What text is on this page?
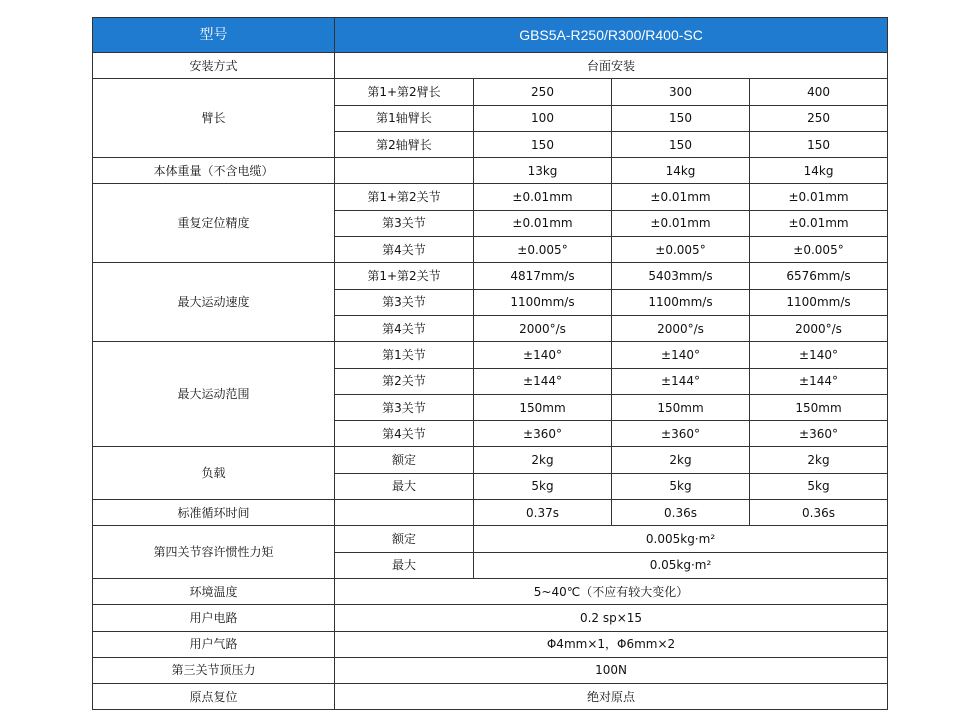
型号	GBS5A-R250/R300/R400-SC			
安装方式	台面安装			
臂长	第1+第2臂长	250	300	400
	第1轴臂长	100	150	250
	第2轴臂长	150	150	150
本体重量（不含电缆）		13kg	14kg	14kg
重复定位精度	第1+第2关节	±0.01mm	±0.01mm	±0.01mm
	第3关节	±0.01mm	±0.01mm	±0.01mm
	第4关节	±0.005°	±0.005°	±0.005°
最大运动速度	第1+第2关节	4817mm/s	5403mm/s	6576mm/s
	第3关节	1100mm/s	1100mm/s	1100mm/s
	第4关节	2000°/s	2000°/s	2000°/s
最大运动范围	第1关节	±140°	±140°	±140°
	第2关节	±144°	±144°	±144°
	第3关节	150mm	150mm	150mm
	第4关节	±360°	±360°	±360°
负载	额定	2kg	2kg	2kg
	最大	5kg	5kg	5kg
标准循环时间		0.37s	0.36s	0.36s
第四关节容许惯性力矩	额定	0.005kg·m²		
	最大	0.05kg·m²		
环境温度	5~40℃（不应有较大变化）			
用户电路	0.2 sp×15			
用户气路	Φ4mm×1，Φ6mm×2			
第三关节顶压力	100N			
原点复位	绝对原点			
